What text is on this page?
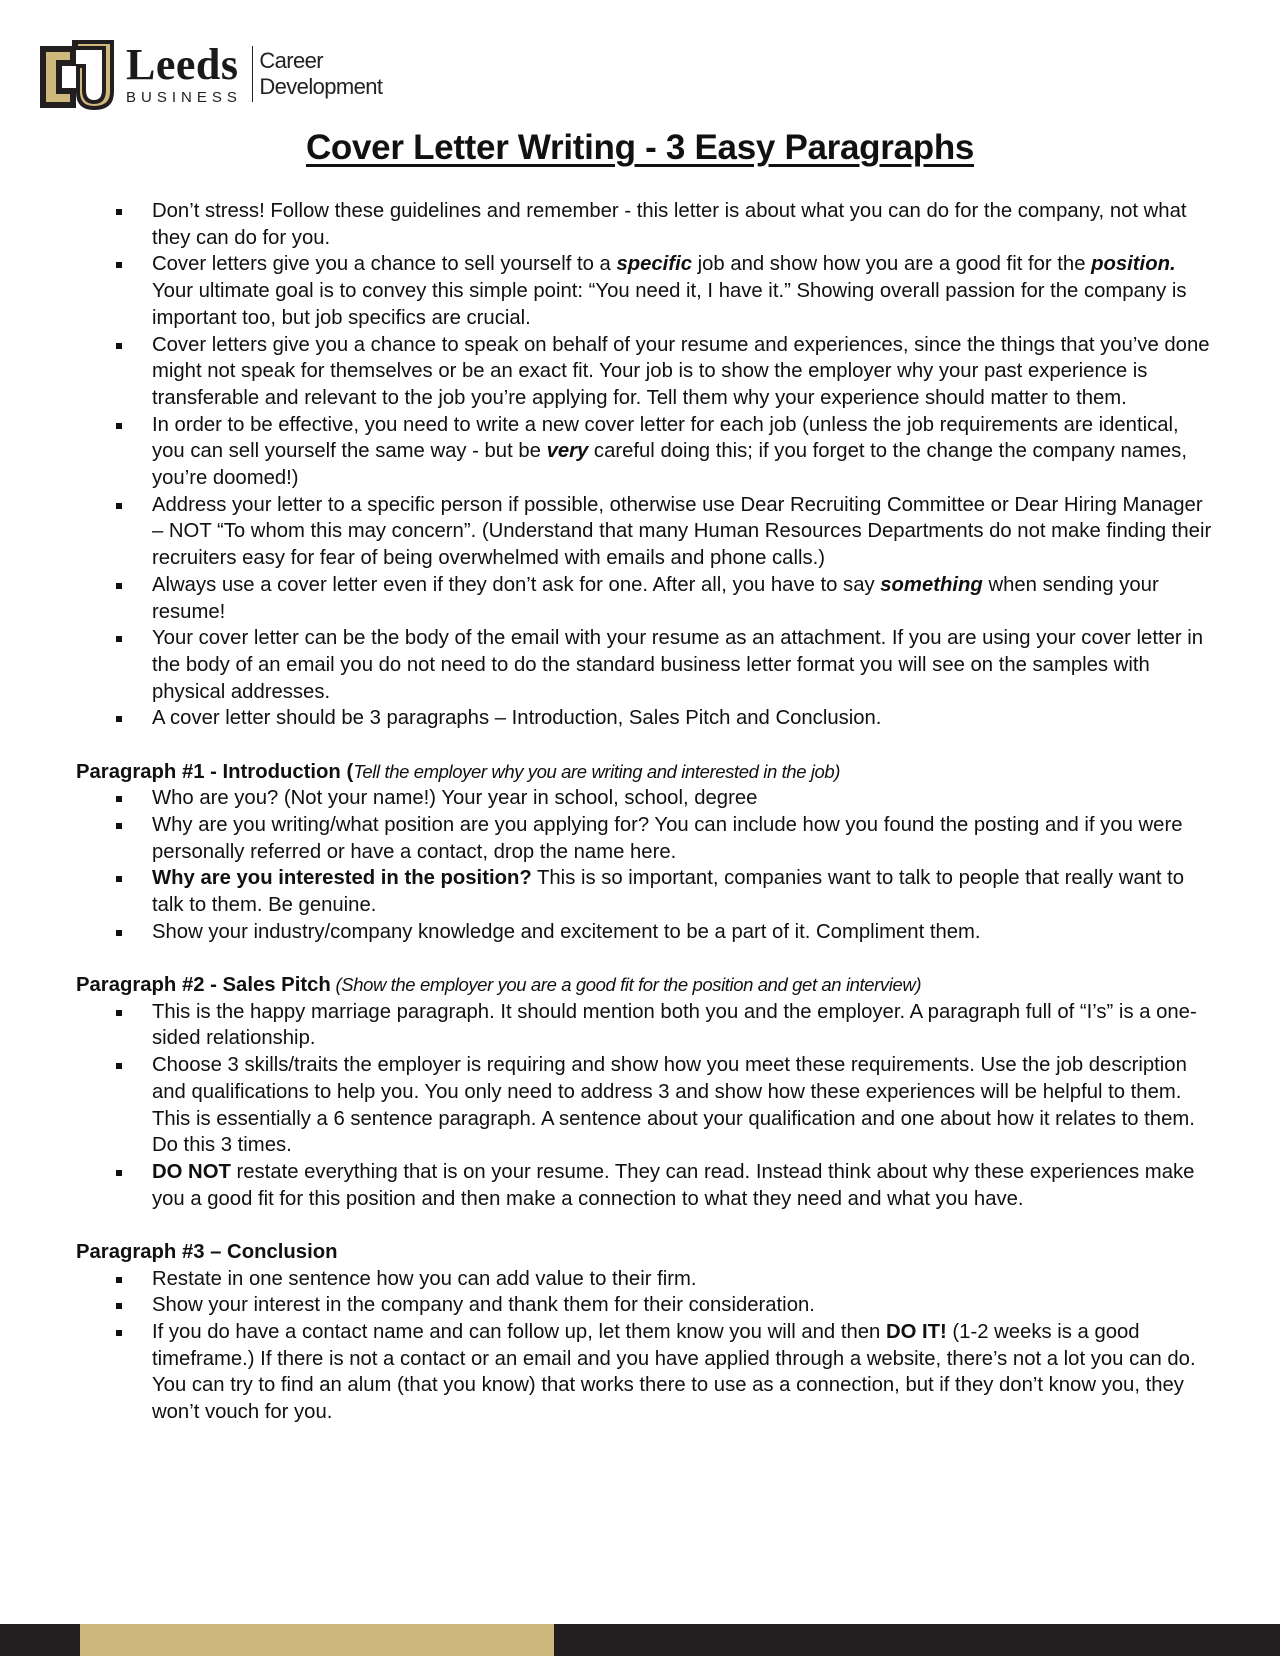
Leeds
BUSINESS
Career
Development
Cover Letter Writing - 3 Easy Paragraphs
Don’t stress! Follow these guidelines and remember - this letter is about what you can do for the company, not what they can do for you.
Cover letters give you a chance to sell yourself to a specific job and show how you are a good fit for the position. Your ultimate goal is to convey this simple point: “You need it, I have it.” Showing overall passion for the company is important too, but job specifics are crucial.
Cover letters give you a chance to speak on behalf of your resume and experiences, since the things that you’ve done might not speak for themselves or be an exact fit. Your job is to show the employer why your past experience is transferable and relevant to the job you’re applying for. Tell them why your experience should matter to them.
In order to be effective, you need to write a new cover letter for each job (unless the job requirements are identical, you can sell yourself the same way - but be very careful doing this; if you forget to the change the company names, you’re doomed!)
Address your letter to a specific person if possible, otherwise use Dear Recruiting Committee or Dear Hiring Manager – NOT “To whom this may concern”. (Understand that many Human Resources Departments do not make finding their recruiters easy for fear of being overwhelmed with emails and phone calls.)
Always use a cover letter even if they don’t ask for one. After all, you have to say something when sending your resume!
Your cover letter can be the body of the email with your resume as an attachment. If you are using your cover letter in the body of an email you do not need to do the standard business letter format you will see on the samples with physical addresses.
A cover letter should be 3 paragraphs – Introduction, Sales Pitch and Conclusion.
Paragraph #1 - Introduction (Tell the employer why you are writing and interested in the job)
Who are you? (Not your name!) Your year in school, school, degree
Why are you writing/what position are you applying for? You can include how you found the posting and if you were personally referred or have a contact, drop the name here.
Why are you interested in the position? This is so important, companies want to talk to people that really want to talk to them. Be genuine.
Show your industry/company knowledge and excitement to be a part of it. Compliment them.
Paragraph #2 - Sales Pitch (Show the employer you are a good fit for the position and get an interview)
This is the happy marriage paragraph. It should mention both you and the employer. A paragraph full of “I’s” is a one-sided relationship.
Choose 3 skills/traits the employer is requiring and show how you meet these requirements. Use the job description and qualifications to help you. You only need to address 3 and show how these experiences will be helpful to them. This is essentially a 6 sentence paragraph. A sentence about your qualification and one about how it relates to them. Do this 3 times.
DO NOT restate everything that is on your resume. They can read. Instead think about why these experiences make you a good fit for this position and then make a connection to what they need and what you have.
Paragraph #3 – Conclusion
Restate in one sentence how you can add value to their firm.
Show your interest in the company and thank them for their consideration.
If you do have a contact name and can follow up, let them know you will and then DO IT! (1-2 weeks is a good timeframe.) If there is not a contact or an email and you have applied through a website, there’s not a lot you can do. You can try to find an alum (that you know) that works there to use as a connection, but if they don’t know you, they won’t vouch for you.
